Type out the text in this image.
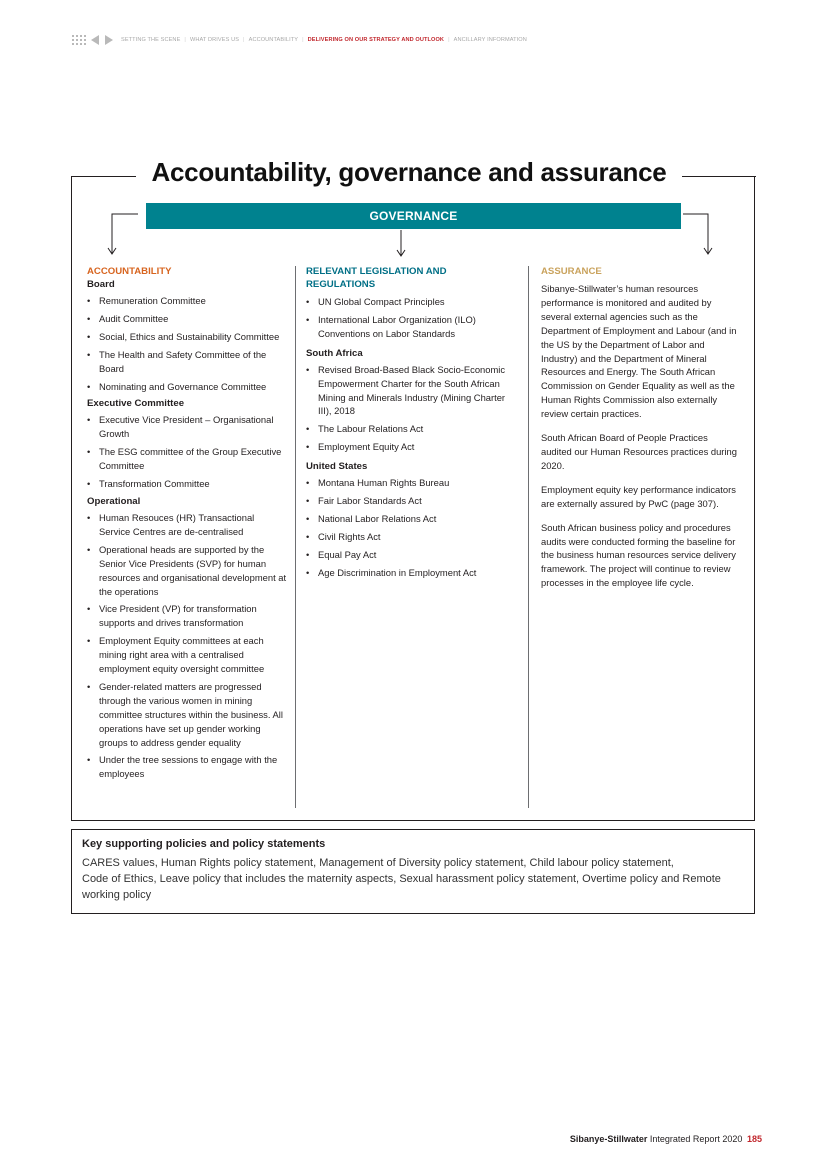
SETTING THE SCENE | WHAT DRIVES US | ACCOUNTABILITY | DELIVERING ON OUR STRATEGY AND OUTLOOK | ANCILLARY INFORMATION
Accountability, governance and assurance
GOVERNANCE

ACCOUNTABILITY

Board

• Remuneration Committee
• Audit Committee
• Social, Ethics and Sustainability Committee
• The Health and Safety Committee of the Board
• Nominating and Governance Committee

Executive Committee

• Executive Vice President – Organisational Growth
• The ESG committee of the Group Executive Committee
• Transformation Committee

Operational

• Human Resouces (HR) Transactional Service Centres are de-centralised
• Operational heads are supported by the Senior Vice Presidents (SVP) for human resources and organisational development at the operations
• Vice President (VP) for transformation supports and drives transformation
• Employment Equity committees at each mining right area with a centralised employment equity oversight committee
• Gender-related matters are progressed through the various women in mining committee structures within the business. All operations have set up gender working groups to address gender equality
• Under the tree sessions to engage with the employees

RELEVANT LEGISLATION AND REGULATIONS

• UN Global Compact Principles
• International Labor Organization (ILO) Conventions on Labor Standards

South Africa

• Revised Broad-Based Black Socio-Economic Empowerment Charter for the South African Mining and Minerals Industry (Mining Charter III), 2018
• The Labour Relations Act
• Employment Equity Act

United States

• Montana Human Rights Bureau
• Fair Labor Standards Act
• National Labor Relations Act
• Civil Rights Act
• Equal Pay Act
• Age Discrimination in Employment Act

ASSURANCE

Sibanye-Stillwater’s human resources performance is monitored and audited by several external agencies such as the Department of Employment and Labour (and in the US by the Department of Labor and Industry) and the Department of Mineral Resources and Energy. The South African Commission on Gender Equality as well as the Human Rights Commission also externally review certain practices.

South African Board of People Practices audited our Human Resources practices during 2020.

Employment equity key performance indicators are externally assured by PwC (page 307).

South African business policy and procedures audits were conducted forming the baseline for the business human resources service delivery framework. The project will continue to review processes in the employee life cycle.

Key supporting policies and policy statements

CARES values, Human Rights policy statement, Management of Diversity policy statement, Child labour policy statement,
Code of Ethics, Leave policy that includes the maternity aspects, Sexual harassment policy statement, Overtime policy and Remote
working policy

Sibanye-Stillwater Integrated Report 2020 185
